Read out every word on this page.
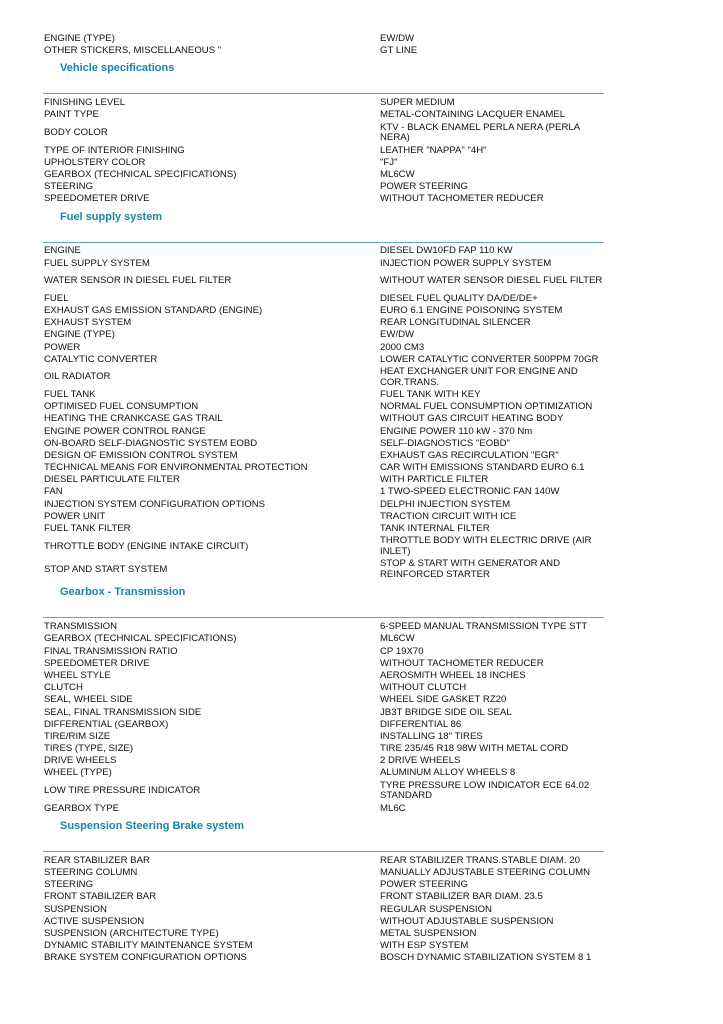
ENGINE (TYPE)	EW/DW
OTHER STICKERS, MISCELLANEOUS "	GT LINE
Vehicle specifications
FINISHING LEVEL	SUPER MEDIUM
PAINT TYPE	METAL-CONTAINING LACQUER ENAMEL
BODY COLOR	KTV - BLACK ENAMEL PERLA NERA (PERLA NERA)
TYPE OF INTERIOR FINISHING	LEATHER "NAPPA" "4H"
UPHOLSTERY COLOR	"FJ"
GEARBOX (TECHNICAL SPECIFICATIONS)	ML6CW
STEERING	POWER STEERING
SPEEDOMETER DRIVE	WITHOUT TACHOMETER REDUCER
Fuel supply system
ENGINE	DIESEL DW10FD FAP 110 KW
FUEL SUPPLY SYSTEM	INJECTION POWER SUPPLY SYSTEM
WATER SENSOR IN DIESEL FUEL FILTER	WITHOUT WATER SENSOR DIESEL FUEL FILTER
FUEL	DIESEL FUEL QUALITY DA/DE/DE+
EXHAUST GAS EMISSION STANDARD (ENGINE)	EURO 6.1 ENGINE POISONING SYSTEM
EXHAUST SYSTEM	REAR LONGITUDINAL SILENCER
ENGINE (TYPE)	EW/DW
POWER	2000 CM3
CATALYTIC CONVERTER	LOWER CATALYTIC CONVERTER 500PPM 70GR
OIL RADIATOR	HEAT EXCHANGER UNIT FOR ENGINE AND COR.TRANS.
FUEL TANK	FUEL TANK WITH KEY
OPTIMISED FUEL CONSUMPTION	NORMAL FUEL CONSUMPTION OPTIMIZATION
HEATING THE CRANKCASE GAS TRAIL	WITHOUT GAS CIRCUIT HEATING BODY
ENGINE POWER CONTROL RANGE	ENGINE POWER 110 kW - 370 Nm
ON-BOARD SELF-DIAGNOSTIC SYSTEM EOBD	SELF-DIAGNOSTICS "EOBD"
DESIGN OF EMISSION CONTROL SYSTEM	EXHAUST GAS RECIRCULATION "EGR"
TECHNICAL MEANS FOR ENVIRONMENTAL PROTECTION	CAR WITH EMISSIONS STANDARD EURO 6.1
DIESEL PARTICULATE FILTER	WITH PARTICLE FILTER
FAN	1 TWO-SPEED ELECTRONIC FAN 140W
INJECTION SYSTEM CONFIGURATION OPTIONS	DELPHI INJECTION SYSTEM
POWER UNIT	TRACTION CIRCUIT WITH ICE
FUEL TANK FILTER	TANK INTERNAL FILTER
THROTTLE BODY (ENGINE INTAKE CIRCUIT)	THROTTLE BODY WITH ELECTRIC DRIVE (AIR INLET)
STOP AND START SYSTEM	STOP & START WITH GENERATOR AND REINFORCED STARTER
Gearbox - Transmission
TRANSMISSION	6-SPEED MANUAL TRANSMISSION TYPE STT
GEARBOX (TECHNICAL SPECIFICATIONS)	ML6CW
FINAL TRANSMISSION RATIO	CP 19X70
SPEEDOMETER DRIVE	WITHOUT TACHOMETER REDUCER
WHEEL STYLE	AEROSMITH WHEEL 18 INCHES
CLUTCH	WITHOUT CLUTCH
SEAL, WHEEL SIDE	WHEEL SIDE GASKET RZ20
SEAL, FINAL TRANSMISSION SIDE	JB3T BRIDGE SIDE OIL SEAL
DIFFERENTIAL (GEARBOX)	DIFFERENTIAL 86
TIRE/RIM SIZE	INSTALLING 18" TIRES
TIRES (TYPE, SIZE)	TIRE 235/45 R18 98W WITH METAL CORD
DRIVE WHEELS	2 DRIVE WHEELS
WHEEL (TYPE)	ALUMINUM ALLOY WHEELS 8
LOW TIRE PRESSURE INDICATOR	TYRE PRESSURE LOW INDICATOR ECE 64.02 STANDARD
GEARBOX TYPE	ML6C
Suspension Steering Brake system
REAR STABILIZER BAR	REAR STABILIZER TRANS.STABLE DIAM. 20
STEERING COLUMN	MANUALLY ADJUSTABLE STEERING COLUMN
STEERING	POWER STEERING
FRONT STABILIZER BAR	FRONT STABILIZER BAR DIAM. 23.5
SUSPENSION	REGULAR SUSPENSION
ACTIVE SUSPENSION	WITHOUT ADJUSTABLE SUSPENSION
SUSPENSION (ARCHITECTURE TYPE)	METAL SUSPENSION
DYNAMIC STABILITY MAINTENANCE SYSTEM	WITH ESP SYSTEM
BRAKE SYSTEM CONFIGURATION OPTIONS	BOSCH DYNAMIC STABILIZATION SYSTEM 8 1
